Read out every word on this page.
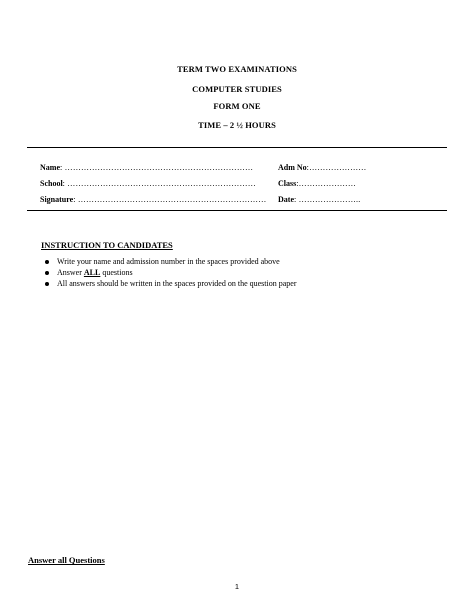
TERM TWO EXAMINATIONS
COMPUTER STUDIES
FORM ONE
TIME – 2 ½ HOURS
Name: ……………………………………………………………	Adm No:…………………
School: ……………………………………………………………	Class:…………………
Signature: …………………………………………………………… Date: …………………..
INSTRUCTION TO CANDIDATES
Write your name and admission number in the spaces provided above
Answer ALL questions
All answers should be written in the spaces provided on the question paper
Answer all Questions
1
